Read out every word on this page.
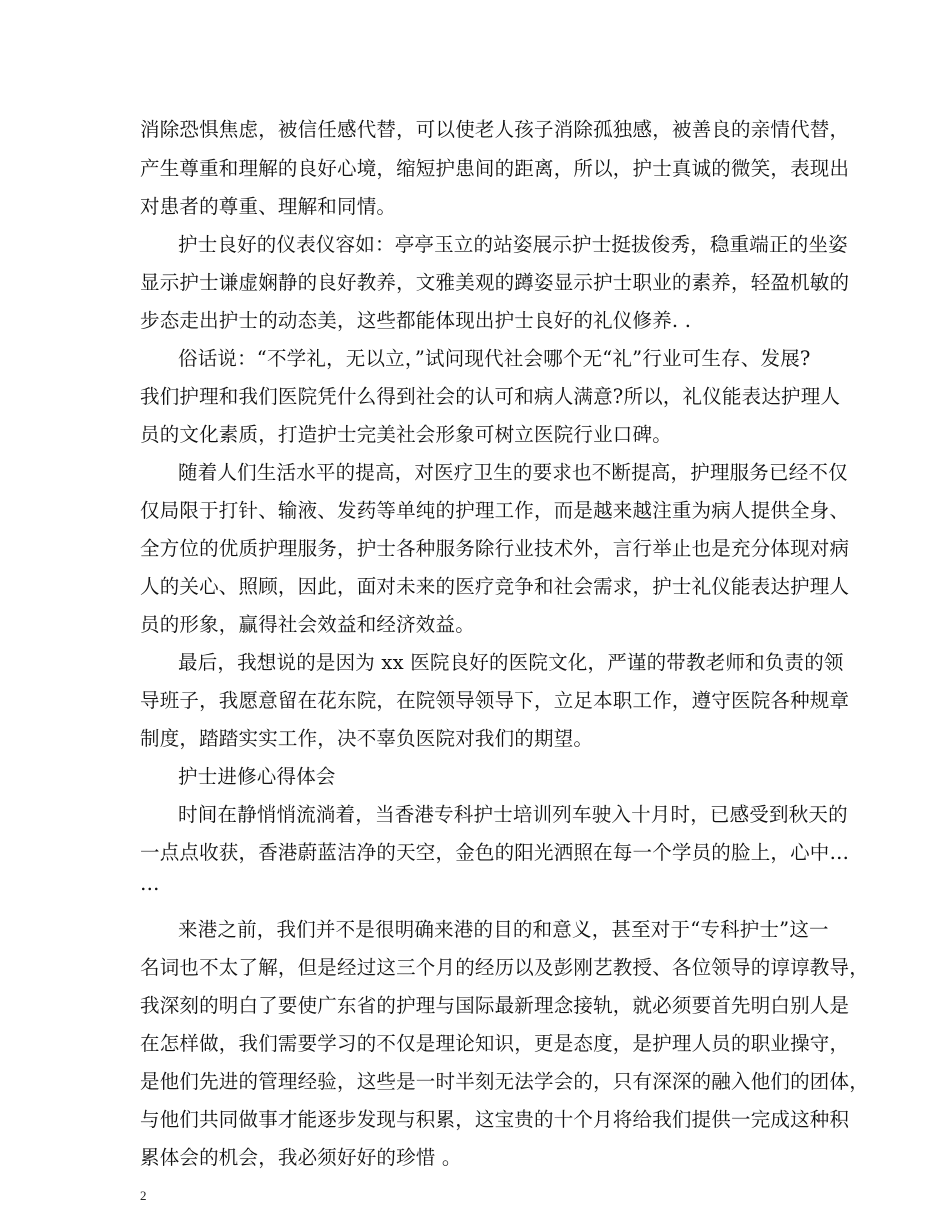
消除恐惧焦虑，被信任感代替，可以使老人孩子消除孤独感，被善良的亲情代替，
产生尊重和理解的良好心境，缩短护患间的距离，所以，护士真诚的微笑，表现出
对患者的尊重、理解和同情。
护士良好的仪表仪容如：亭亭玉立的站姿展示护士挺拔俊秀，稳重端正的坐姿
显示护士谦虚娴静的良好教养，文雅美观的蹲姿显示护士职业的素养，轻盈机敏的
步态走出护士的动态美，这些都能体现出护士良好的礼仪修养. .
俗话说：“不学礼，无以立，”试问现代社会哪个无“礼”行业可生存、发展?
我们护理和我们医院凭什么得到社会的认可和病人满意?所以，礼仪能表达护理人
员的文化素质，打造护士完美社会形象可树立医院行业口碑。
随着人们生活水平的提高，对医疗卫生的要求也不断提高，护理服务已经不仅
仅局限于打针、输液、发药等单纯的护理工作，而是越来越注重为病人提供全身、
全方位的优质护理服务，护士各种服务除行业技术外，言行举止也是充分体现对病
人的关心、照顾，因此，面对未来的医疗竞争和社会需求，护士礼仪能表达护理人
员的形象，赢得社会效益和经济效益。
最后，我想说的是因为 xx 医院良好的医院文化，严谨的带教老师和负责的领
导班子，我愿意留在花东院，在院领导领导下，立足本职工作，遵守医院各种规章
制度，踏踏实实工作，决不辜负医院对我们的期望。
护士进修心得体会
时间在静悄悄流淌着，当香港专科护士培训列车驶入十月时，已感受到秋天的
一点点收获，香港蔚蓝洁净的天空，金色的阳光洒照在每一个学员的脸上，心中…
…
来港之前，我们并不是很明确来港的目的和意义，甚至对于“专科护士”这一
名词也不太了解，但是经过这三个月的经历以及彭刚艺教授、各位领导的谆谆教导，
我深刻的明白了要使广东省的护理与国际最新理念接轨，就必须要首先明白别人是
在怎样做，我们需要学习的不仅是理论知识，更是态度，是护理人员的职业操守，
是他们先进的管理经验，这些是一时半刻无法学会的，只有深深的融入他们的团体，
与他们共同做事才能逐步发现与积累，这宝贵的十个月将给我们提供一完成这种积
累体会的机会，我必须好好的珍惜 。
2
